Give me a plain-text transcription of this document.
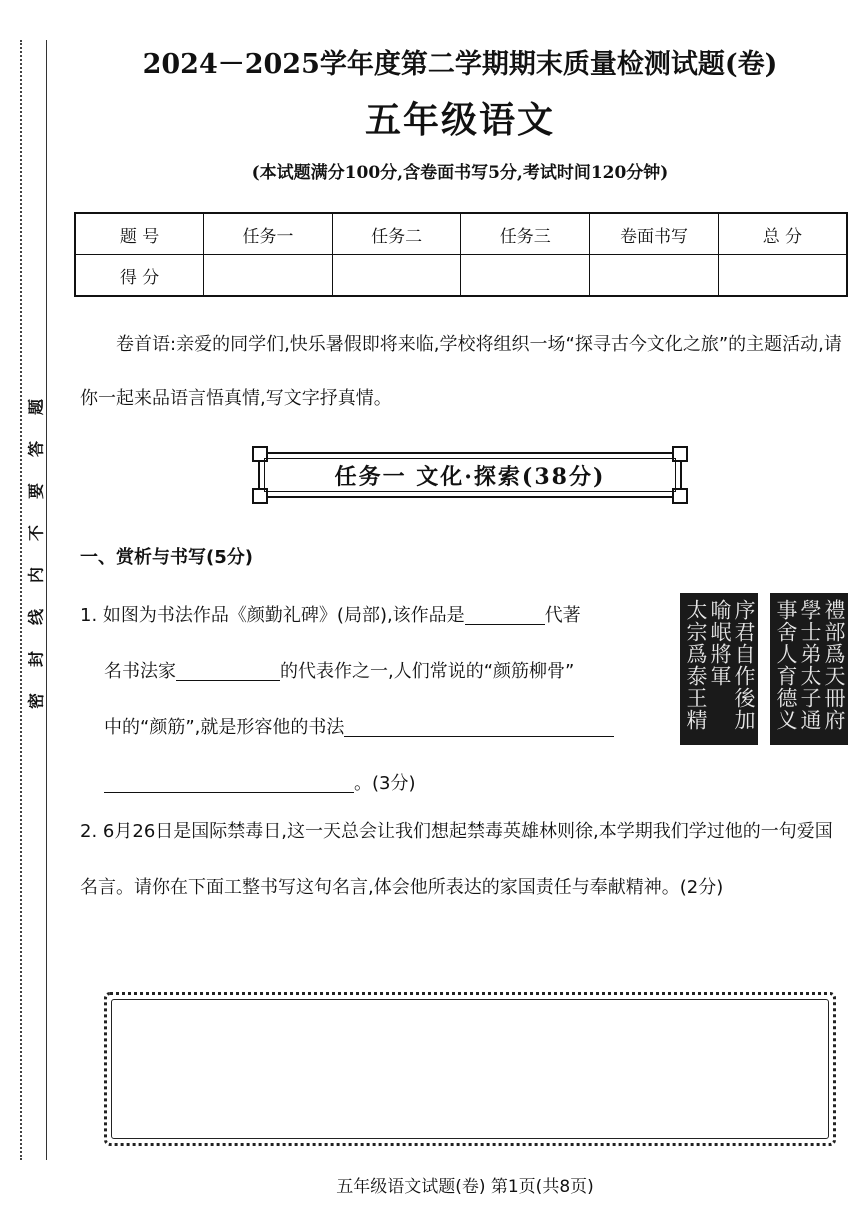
密
封
线
内
不
要
答
题
2024－2025学年度第二学期期末质量检测试题(卷)
五年级语文
(本试题满分100分,含卷面书写5分,考试时间120分钟)
题 号	任务一	任务二	任务三	卷面书写	总 分
得 分					
卷首语:亲爱的同学们,快乐暑假即将来临,学校将组织一场“探寻古今文化之旅”的主题活动,请你一起来品语言悟真情,写文字抒真情。
任务一 文化·探索(38分)
一、赏析与书写(5分)
1. 如图为书法作品《颜勤礼碑》(局部),该作品是	代著
名书法家	的代表作之一,人们常说的“颜筋柳骨”
中的“颜筋”,就是形容他的书法
。(3分)
序君自作後加
喻岷將軍
太宗爲泰王精	禮部爲天冊府
學士弟太子通
事舍人育德义
2. 6月26日是国际禁毒日,这一天总会让我们想起禁毒英雄林则徐,本学期我们学过他的一句爱国名言。请你在下面工整书写这句名言,体会他所表达的家国责任与奉献精神。(2分)
五年级语文试题(卷) 第1页(共8页)
